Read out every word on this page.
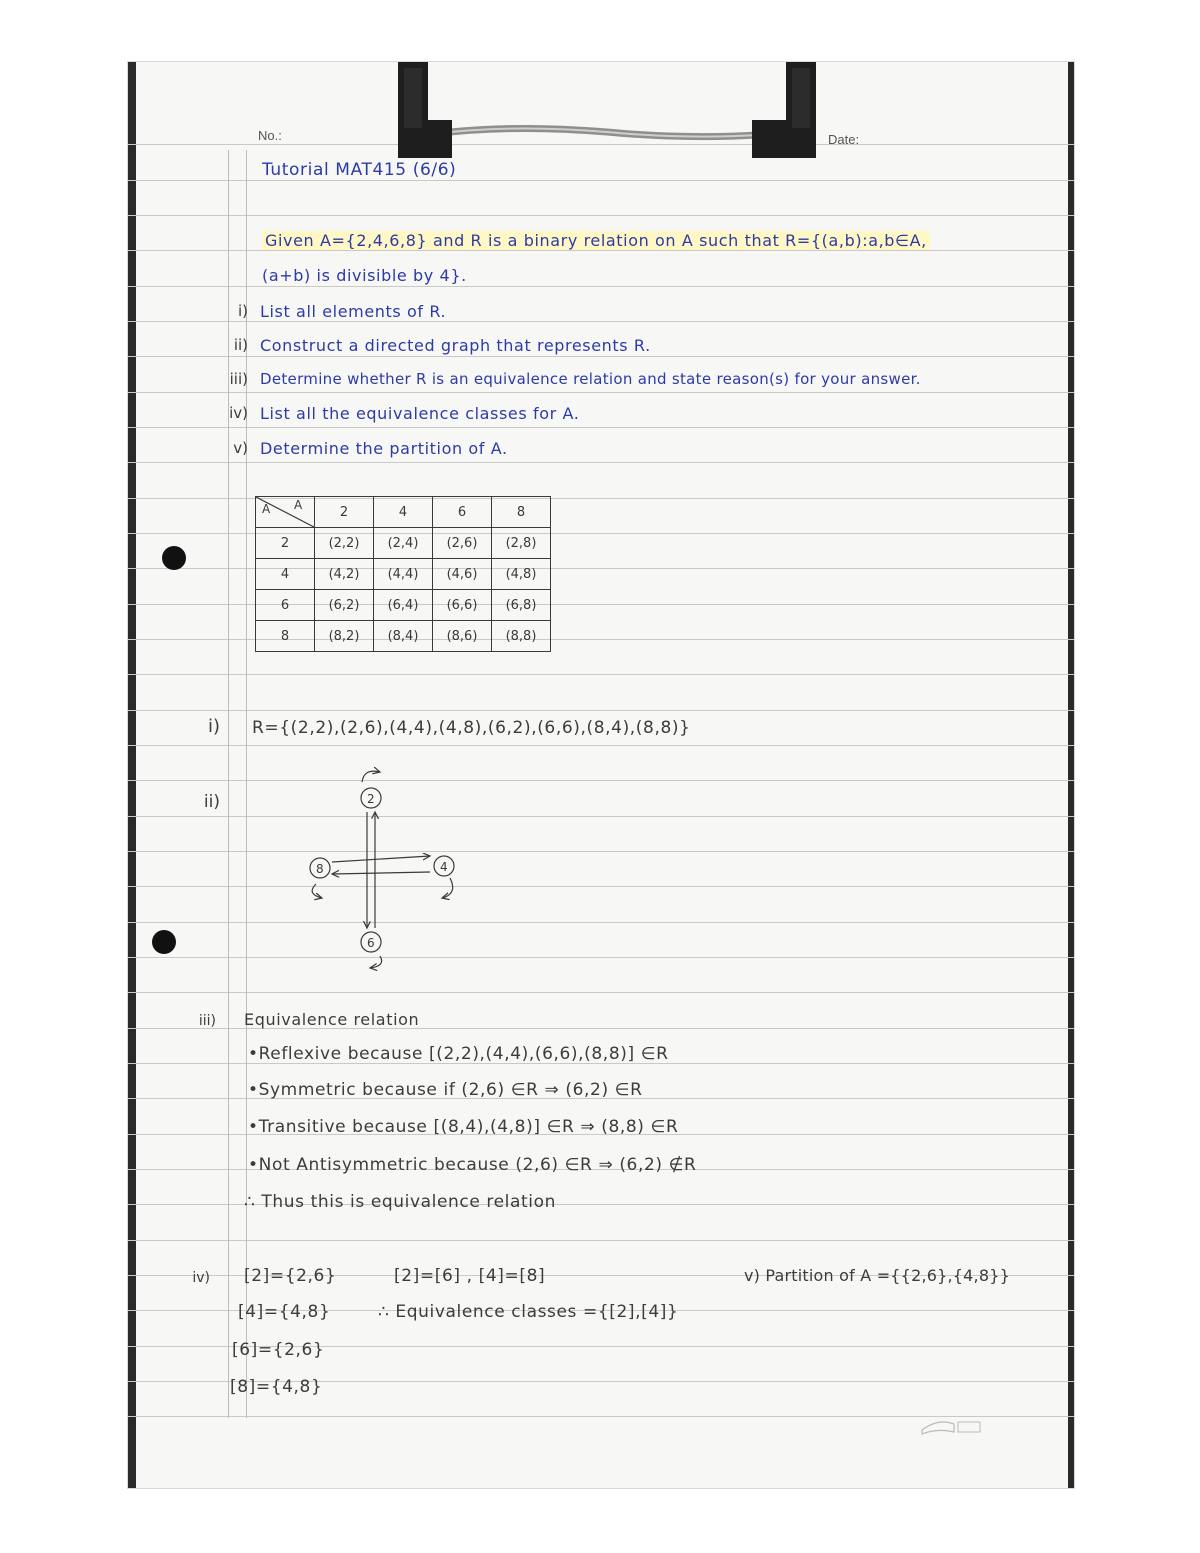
No.:	Date:
Tutorial MAT415 (6/6)
Given A={2,4,6,8} and R is a binary relation on A such that R={(a,b):a,b∈A,
(a+b) is divisible by 4}.
i) List all elements of R.
ii) Construct a directed graph that represents R.
iii) Determine whether R is an equivalence relation and state reason(s) for your answer.
iv) List all the equivalence classes for A.
v) Determine the partition of A.
A A	2	4	6	8
2	(2,2)	(2,4)	(2,6)	(2,8)
4	(4,2)	(4,4)	(4,6)	(4,8)
6	(6,2)	(6,4)	(6,6)	(6,8)
8	(8,2)	(8,4)	(8,6)	(8,8)
i) R={(2,2),(2,6),(4,4),(4,8),(6,2),(6,6),(8,4),(8,8)}
ii)	2
4
6
8
iii) Equivalence relation
•Reflexive because [(2,2),(4,4),(6,6),(8,8)] ∈R
•Symmetric because if (2,6) ∈R ⇒ (6,2) ∈R
•Transitive because [(8,4),(4,8)] ∈R ⇒ (8,8) ∈R
•Not Antisymmetric because (2,6) ∈R ⇒ (6,2) ∉R
∴ Thus this is equivalence relation
iv) [2]={2,6}
[4]={4,8}
[6]={2,6}
[8]={4,8}
[2]=[6] , [4]=[8]
∴ Equivalence classes ={[2],[4]}
v) Partition of A ={{2,6},{4,8}}
